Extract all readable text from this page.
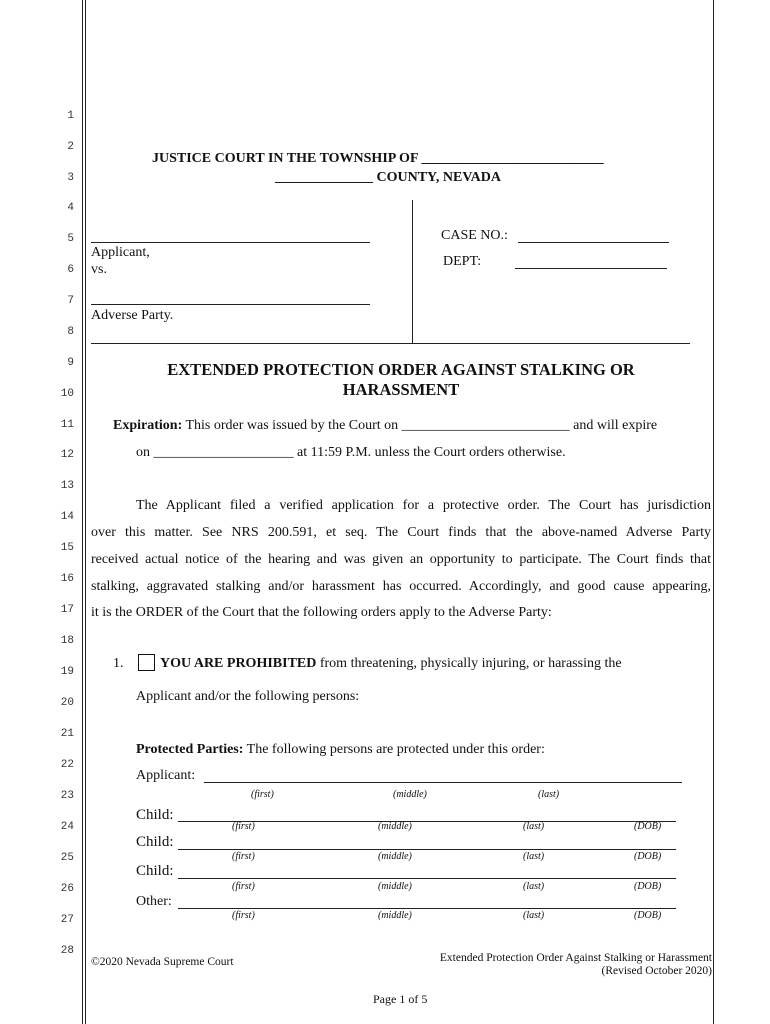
1
2
3
4
5
6
7
8
9
10
11
12
13
14
15
16
17
18
19
20
21
22
23
24
25
26
27
28
JUSTICE COURT IN THE TOWNSHIP OF __________________________
______________ COUNTY, NEVADA
Applicant,
vs.
Adverse Party.
CASE NO.:
DEPT:
EXTENDED PROTECTION ORDER AGAINST STALKING OR
HARASSMENT
Expiration: This order was issued by the Court on ________________________ and will expire
on ____________________ at 11:59 P.M. unless the Court orders otherwise.
The Applicant filed a verified application for a protective order. The Court has jurisdiction
over this matter. See NRS 200.591, et seq. The Court finds that the above-named Adverse Party
received actual notice of the hearing and was given an opportunity to participate. The Court finds that
stalking, aggravated stalking and/or harassment has occurred. Accordingly, and good cause appearing,
it is the ORDER of the Court that the following orders apply to the Adverse Party:
1.	YOU ARE PROHIBITED from threatening, physically injuring, or harassing the
Applicant and/or the following persons:
Protected Parties: The following persons are protected under this order:
Applicant:
(first)	(middle)	(last)
Child:
(first)	(middle)	(last)	(DOB)
Child:
(first)	(middle)	(last)	(DOB)
Child:
(first)	(middle)	(last)	(DOB)
Other:
(first)	(middle)	(last)	(DOB)
©2020 Nevada Supreme Court	Extended Protection Order Against Stalking or Harassment
(Revised October 2020)
Page 1 of 5
